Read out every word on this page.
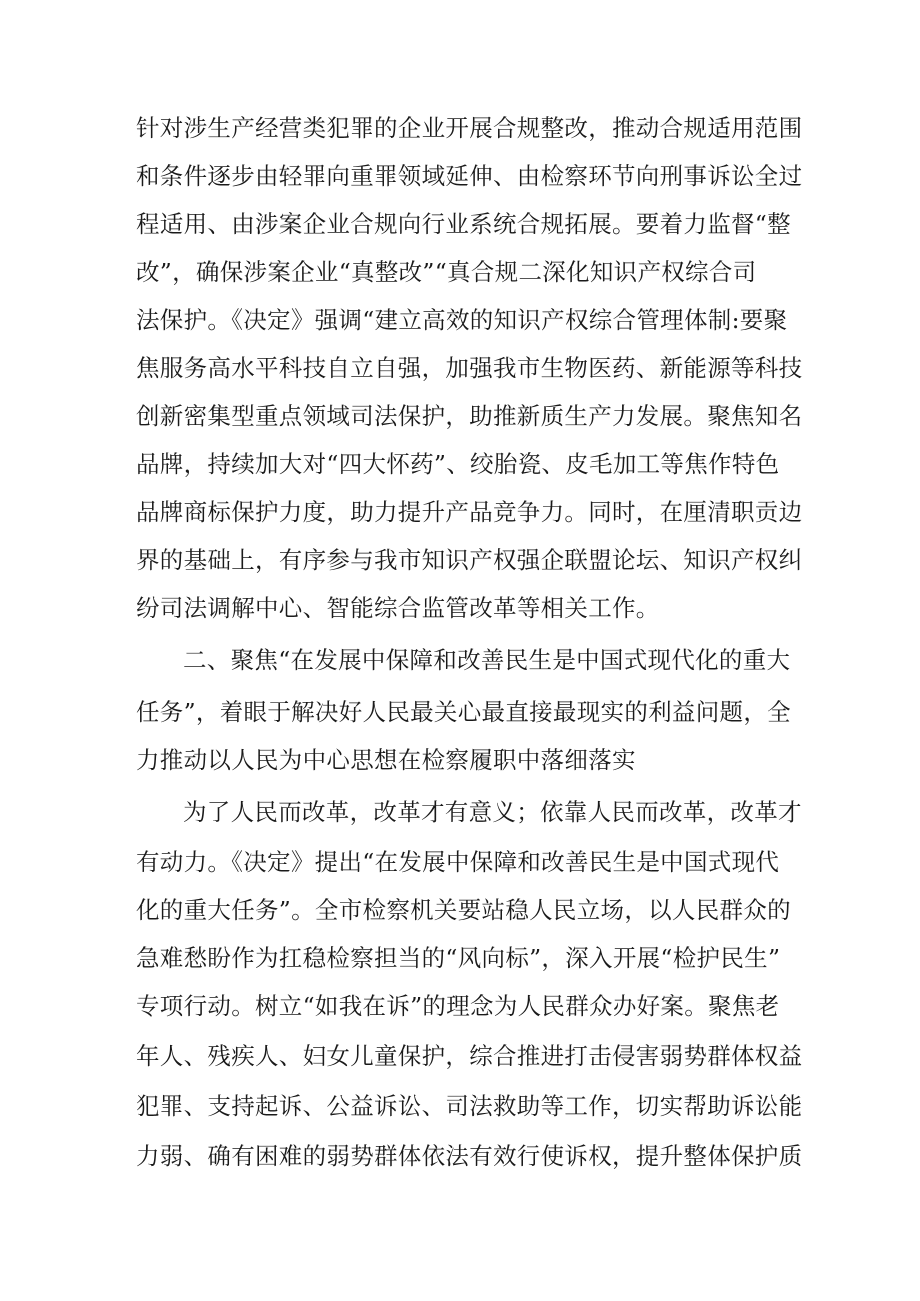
针对涉生产经营类犯罪的企业开展合规整改，推动合规适用范围
和条件逐步由轻罪向重罪领域延伸、由检察环节向刑事诉讼全过
程适用、由涉案企业合规向行业系统合规拓展。要着力监督“整
改”，确保涉案企业“真整改”“真合规二深化知识产权综合司
法保护。《决定》强调“建立高效的知识产权综合管理体制:要聚
焦服务高水平科技自立自强，加强我市生物医药、新能源等科技
创新密集型重点领域司法保护，助推新质生产力发展。聚焦知名
品牌，持续加大对“四大怀药”、绞胎瓷、皮毛加工等焦作特色
品牌商标保护力度，助力提升产品竞争力。同时，在厘清职贡边
界的基础上，有序参与我市知识产权强企联盟论坛、知识产权纠
纷司法调解中心、智能综合监管改革等相关工作。
二、聚焦“在发展中保障和改善民生是中国式现代化的重大
任务”，着眼于解决好人民最关心最直接最现实的利益问题，全
力推动以人民为中心思想在检察履职中落细落实
为了人民而改革，改革才有意义；依靠人民而改革，改革才
有动力。《决定》提出“在发展中保障和改善民生是中国式现代
化的重大任务”。全市检察机关要站稳人民立场，以人民群众的
急难愁盼作为扛稳检察担当的“风向标”，深入开展“检护民生”
专项行动。树立“如我在诉”的理念为人民群众办好案。聚焦老
年人、残疾人、妇女儿童保护，综合推进打击侵害弱势群体权益
犯罪、支持起诉、公益诉讼、司法救助等工作，切实帮助诉讼能
力弱、确有困难的弱势群体依法有效行使诉权，提升整体保护质
